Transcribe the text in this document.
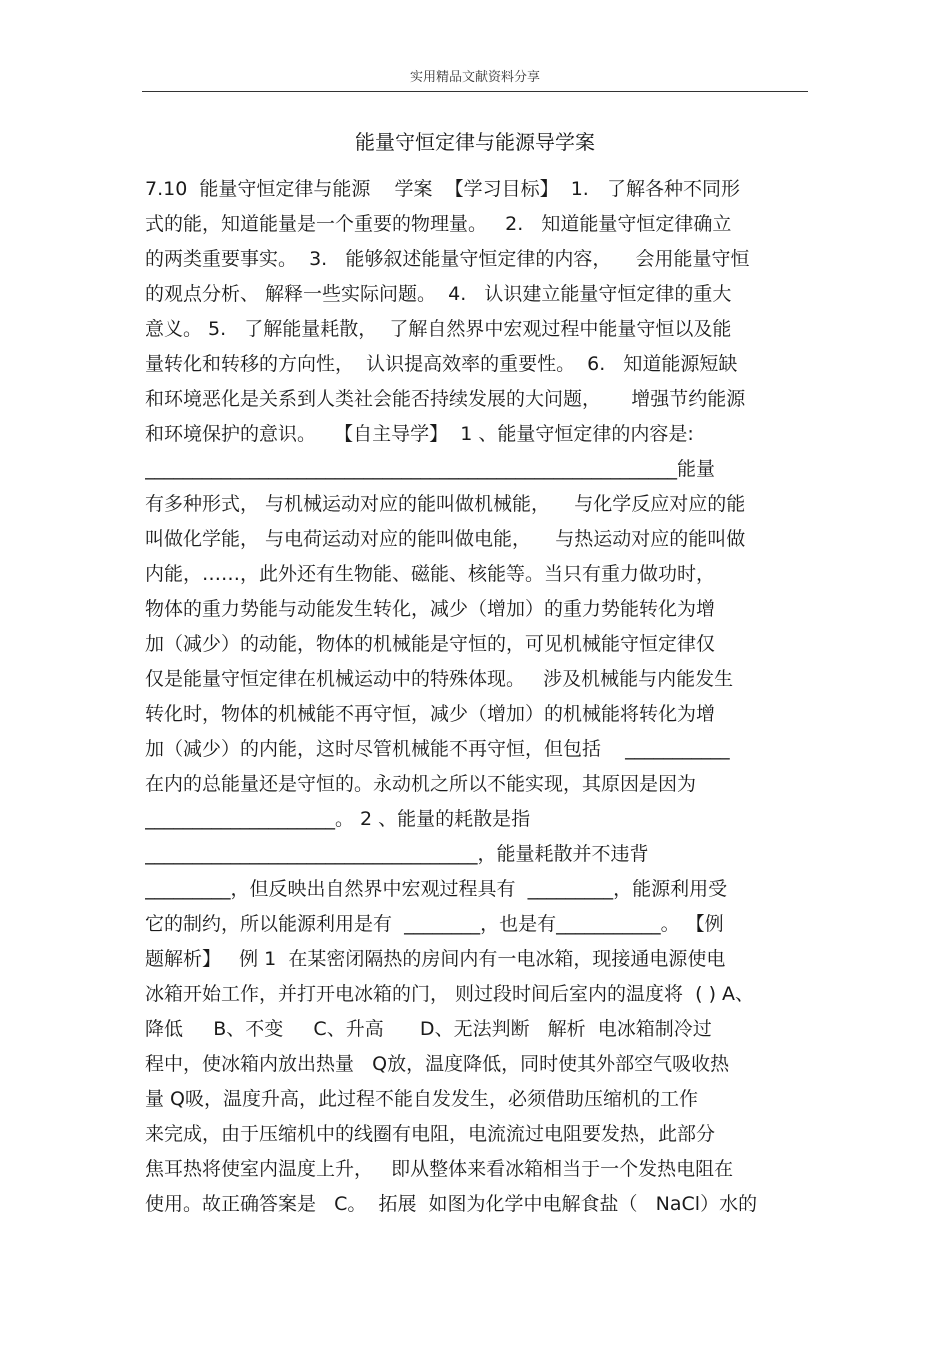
实用精品文献资料分享
能量守恒定律与能源导学案
7.10  能量守恒定律与能源    学案  【学习目标】  1.   了解各种不同形
式的能，知道能量是一个重要的物理量。   2.   知道能量守恒定律确立
的两类重要事实。  3.   能够叙述能量守恒定律的内容，    会用能量守恒
的观点分析、 解释一些实际问题。  4.   认识建立能量守恒定律的重大
意义。 5.   了解能量耗散，  了解自然界中宏观过程中能量守恒以及能
量转化和转移的方向性，  认识提高效率的重要性。  6.   知道能源短缺
和环境恶化是关系到人类社会能否持续发展的大问题，     增强节约能源
和环境保护的意识。   【自主导学】  1 、能量守恒定律的内容是:
________________________________________________________能量
有多种形式， 与机械运动对应的能叫做机械能，    与化学反应对应的能
叫做化学能， 与电荷运动对应的能叫做电能，    与热运动对应的能叫做
内能，……，此外还有生物能、磁能、核能等。当只有重力做功时，
物体的重力势能与动能发生转化，减少（增加）的重力势能转化为增
加（减少）的动能，物体的机械能是守恒的，可见机械能守恒定律仅
仅是能量守恒定律在机械运动中的特殊体现。   涉及机械能与内能发生
转化时，物体的机械能不再守恒，减少（增加）的机械能将转化为增
加（减少）的内能，这时尽管机械能不再守恒，但包括    ___________
在内的总能量还是守恒的。永动机之所以不能实现，其原因是因为
____________________。 2 、能量的耗散是指
___________________________________，能量耗散并不违背
_________，但反映出自然界中宏观过程具有  _________，能源利用受
它的制约，所以能源利用是有  ________，也是有___________。 【例
题解析】   例 1  在某密闭隔热的房间内有一电冰箱，现接通电源使电
冰箱开始工作，并打开电冰箱的门， 则过段时间后室内的温度将  ( ) A、
降低     B、不变     C、升高      D、无法判断   解析  电冰箱制冷过
程中，使冰箱内放出热量   Q放，温度降低，同时使其外部空气吸收热
量 Q吸，温度升高，此过程不能自发发生，必须借助压缩机的工作
来完成，由于压缩机中的线圈有电阻，电流流过电阻要发热，此部分
焦耳热将使室内温度上升，   即从整体来看冰箱相当于一个发热电阻在
使用。故正确答案是   C。  拓展  如图为化学中电解食盐（   NaCl）水的
